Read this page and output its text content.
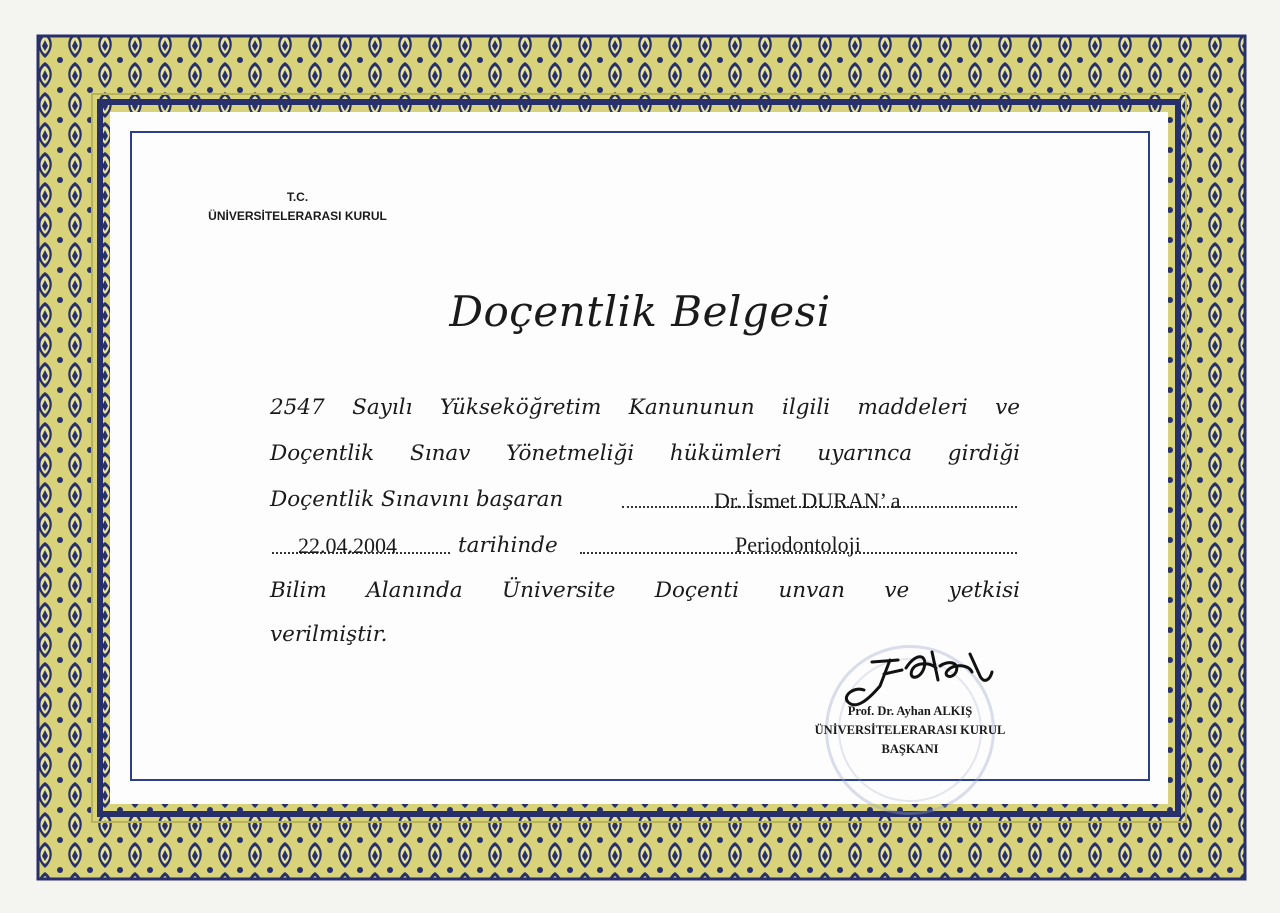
T.C.
ÜNİVERSİTELERARASI KURUL
Doçentlik Belgesi
2547 Sayılı Yükseköğretim Kanununun ilgili maddeleri ve
Doçentlik Sınav Yönetmeliği hükümleri uyarınca girdiği
Doçentlik Sınavını başaran	Dr. İsmet DURAN’ a
22.04.2004	tarihinde	Periodontoloji
Bilim Alanında Üniversite Doçenti unvan ve yetkisi
verilmiştir.
Prof. Dr. Ayhan ALKIŞ
ÜNİVERSİTELERARASI KURUL
BAŞKANI
